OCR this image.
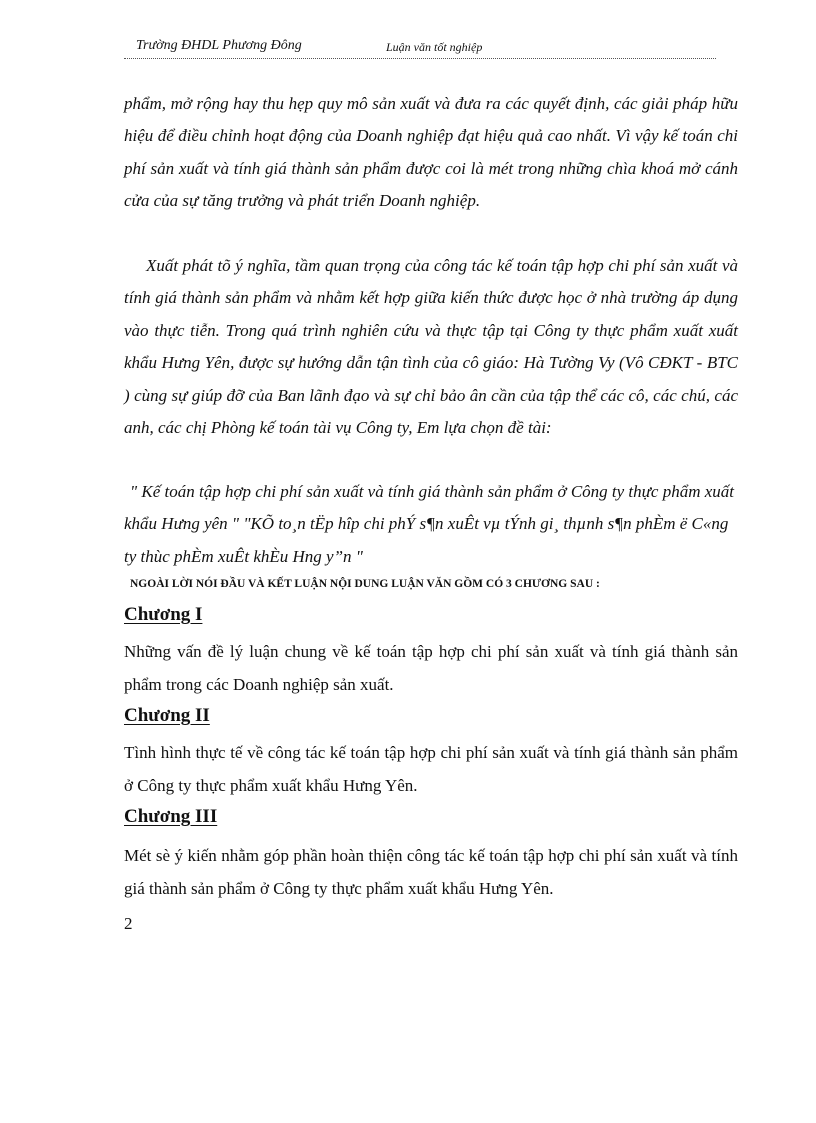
Trường ĐHDL Phương Đông	Luận văn tốt nghiệp

phẩm, mở rộng hay thu hẹp quy mô sản xuất và đưa ra các quyết định, các giải pháp hữu hiệu để điều chỉnh hoạt động của Doanh nghiệp đạt hiệu quả cao nhất. Vì vậy kế toán chi phí sản xuất và tính giá thành sản phẩm được coi là mét trong những chìa khoá mở cánh cửa của sự tăng trưởng và phát triển Doanh nghiệp.

Xuất phát tõ ý nghĩa, tầm quan trọng của công tác kế toán tập hợp chi phí sản xuất và tính giá thành sản phẩm và nhằm kết hợp giữa kiến thức được học ở nhà trường áp dụng vào thực tiễn. Trong quá trình nghiên cứu và thực tập tại Công ty thực phẩm xuất xuất khẩu Hưng Yên, được sự hướng dẫn tận tình của cô giáo: Hà Tường Vy (Vô CĐKT - BTC ) cùng sự giúp đỡ của Ban lãnh đạo và sự chỉ bảo ân cần của tập thể các cô, các chú, các anh, các chị Phòng kế toán tài vụ Công ty, Em lựa chọn đề tài:

" Kế toán tập hợp chi phí sản xuất và tính giá thành sản phẩm ở Công ty thực phẩm xuất khẩu Hưng yên " "KÕ to¸n tËp hîp chi phÝ s¶n xuÊt vµ tÝnh gi¸ thµnh s¶n phÈm ë C«ng ty thùc phÈm xuÊt khÈu Hng y”n "

NGOÀI LỜI NÓI ĐẦU VÀ KẾT LUẬN NỘI DUNG LUẬN VĂN GỒM CÓ 3 CHƯƠNG SAU :
Chương I

Những vấn đề lý luận chung về kế toán tập hợp chi phí sản xuất và tính giá thành sản phẩm trong các Doanh nghiệp sản xuất.

Chương II

Tình hình thực tế về công tác kế toán tập hợp chi phí sản xuất và tính giá thành sản phẩm ở Công ty thực phẩm xuất khẩu Hưng Yên.

Chương III

Mét sè ý kiến nhằm góp phần hoàn thiện công tác kế toán tập hợp chi phí sản xuất và tính giá thành sản phẩm ở Công ty thực phẩm xuất khẩu Hưng Yên.

2
